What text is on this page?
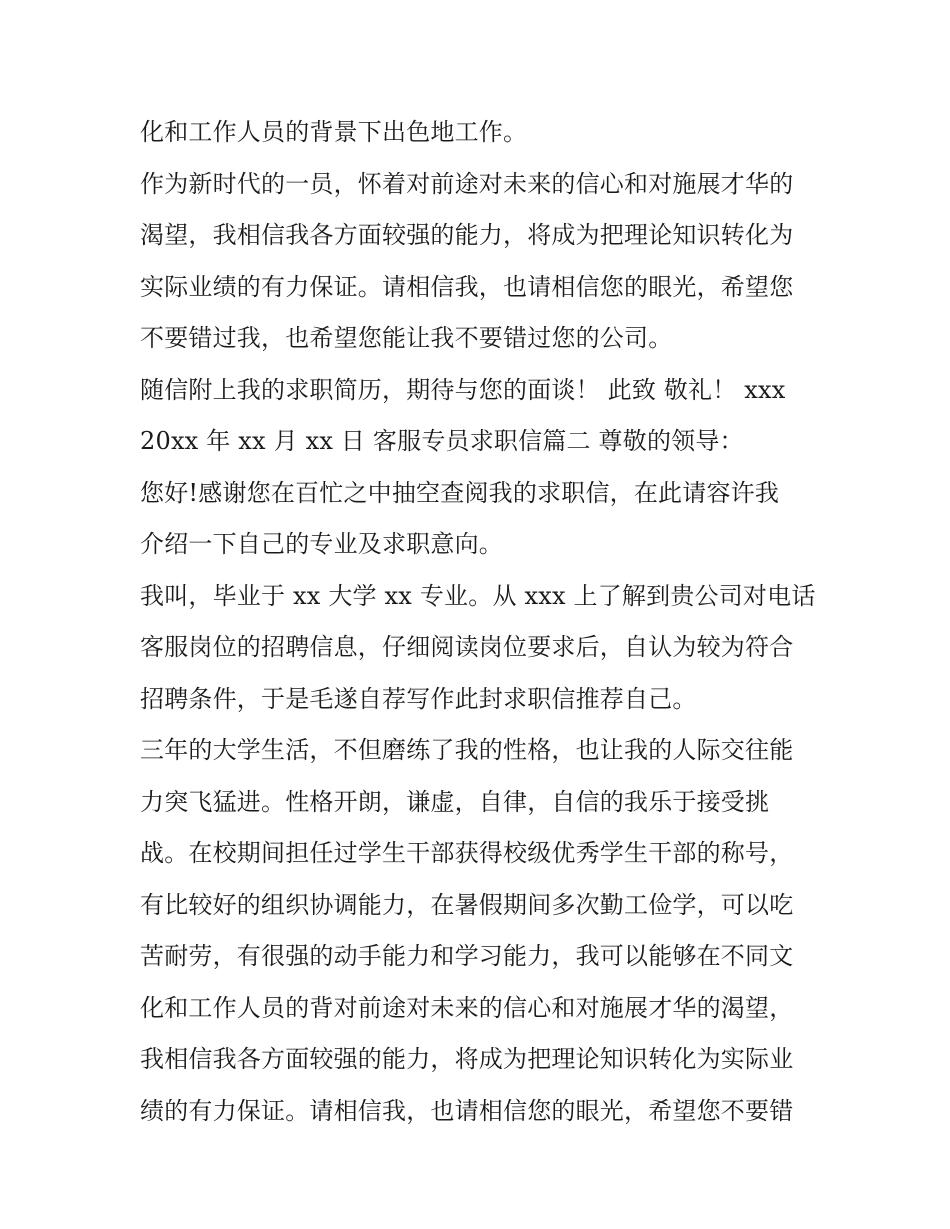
化和工作人员的背景下出色地工作。
作为新时代的一员，怀着对前途对未来的信心和对施展才华的
渴望，我相信我各方面较强的能力，将成为把理论知识转化为
实际业绩的有力保证。请相信我，也请相信您的眼光，希望您
不要错过我，也希望您能让我不要错过您的公司。
随信附上我的求职简历，期待与您的面谈！ 此致 敬礼！ xxx
20xx 年 xx 月 xx 日 客服专员求职信篇二 尊敬的领导：
您好!感谢您在百忙之中抽空查阅我的求职信，在此请容许我
介绍一下自己的专业及求职意向。
我叫，毕业于 xx 大学 xx 专业。从 xxx 上了解到贵公司对电话
客服岗位的招聘信息，仔细阅读岗位要求后，自认为较为符合
招聘条件，于是毛遂自荐写作此封求职信推荐自己。
三年的大学生活，不但磨练了我的性格，也让我的人际交往能
力突飞猛进。性格开朗，谦虚，自律，自信的我乐于接受挑
战。在校期间担任过学生干部获得校级优秀学生干部的称号，
有比较好的组织协调能力，在暑假期间多次勤工俭学，可以吃
苦耐劳，有很强的动手能力和学习能力，我可以能够在不同文
化和工作人员的背对前途对未来的信心和对施展才华的渴望，
我相信我各方面较强的能力，将成为把理论知识转化为实际业
绩的有力保证。请相信我，也请相信您的眼光，希望您不要错
